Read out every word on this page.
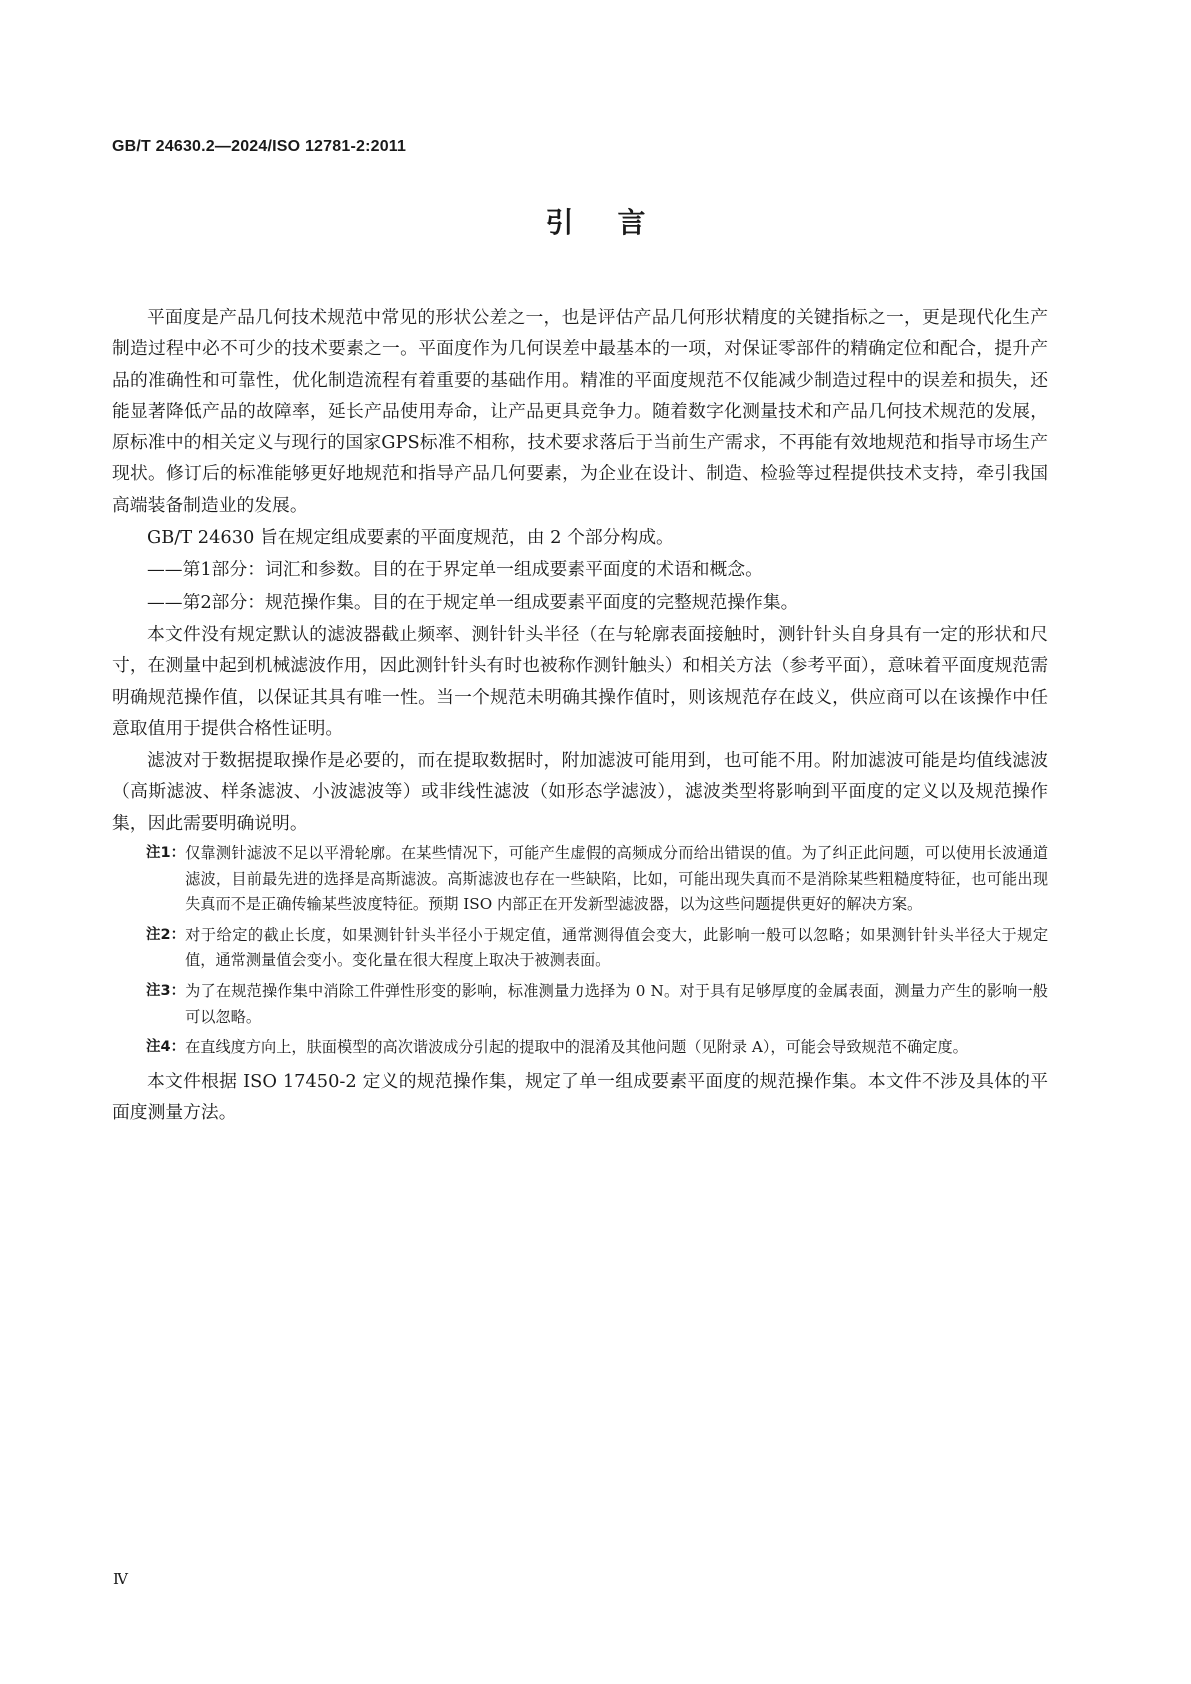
GB/T 24630.2—2024/ISO 12781-2:2011
引言

平面度是产品几何技术规范中常见的形状公差之一，也是评估产品几何形状精度的关键指标之一，更是现代化生产制造过程中必不可少的技术要素之一。平面度作为几何误差中最基本的一项，对保证零部件的精确定位和配合，提升产品的准确性和可靠性，优化制造流程有着重要的基础作用。精准的平面度规范不仅能减少制造过程中的误差和损失，还能显著降低产品的故障率，延长产品使用寿命，让产品更具竞争力。随着数字化测量技术和产品几何技术规范的发展，原标准中的相关定义与现行的国家GPS标准不相称，技术要求落后于当前生产需求，不再能有效地规范和指导市场生产现状。修订后的标准能够更好地规范和指导产品几何要素，为企业在设计、制造、检验等过程提供技术支持，牵引我国高端装备制造业的发展。

GB/T 24630 旨在规定组成要素的平面度规范，由 2 个部分构成。

——第1部分：词汇和参数。目的在于界定单一组成要素平面度的术语和概念。

——第2部分：规范操作集。目的在于规定单一组成要素平面度的完整规范操作集。

本文件没有规定默认的滤波器截止频率、测针针头半径（在与轮廓表面接触时，测针针头自身具有一定的形状和尺寸，在测量中起到机械滤波作用，因此测针针头有时也被称作测针触头）和相关方法（参考平面），意味着平面度规范需明确规范操作值，以保证其具有唯一性。当一个规范未明确其操作值时，则该规范存在歧义，供应商可以在该操作中任意取值用于提供合格性证明。

滤波对于数据提取操作是必要的，而在提取数据时，附加滤波可能用到，也可能不用。附加滤波可能是均值线滤波（高斯滤波、样条滤波、小波滤波等）或非线性滤波（如形态学滤波），滤波类型将影响到平面度的定义以及规范操作集，因此需要明确说明。

注1： 仅靠测针滤波不足以平滑轮廓。在某些情况下，可能产生虚假的高频成分而给出错误的值。为了纠正此问题，可以使用长波通道滤波，目前最先进的选择是高斯滤波。高斯滤波也存在一些缺陷，比如，可能出现失真而不是消除某些粗糙度特征，也可能出现失真而不是正确传输某些波度特征。预期 ISO 内部正在开发新型滤波器，以为这些问题提供更好的解决方案。
注2： 对于给定的截止长度，如果测针针头半径小于规定值，通常测得值会变大，此影响一般可以忽略；如果测针针头半径大于规定值，通常测量值会变小。变化量在很大程度上取决于被测表面。
注3： 为了在规范操作集中消除工件弹性形变的影响，标准测量力选择为 0 N。对于具有足够厚度的金属表面，测量力产生的影响一般可以忽略。
注4： 在直线度方向上，肤面模型的高次谐波成分引起的提取中的混淆及其他问题（见附录 A），可能会导致规范不确定度。

本文件根据 ISO 17450-2 定义的规范操作集，规定了单一组成要素平面度的规范操作集。本文件不涉及具体的平面度测量方法。

Ⅳ
